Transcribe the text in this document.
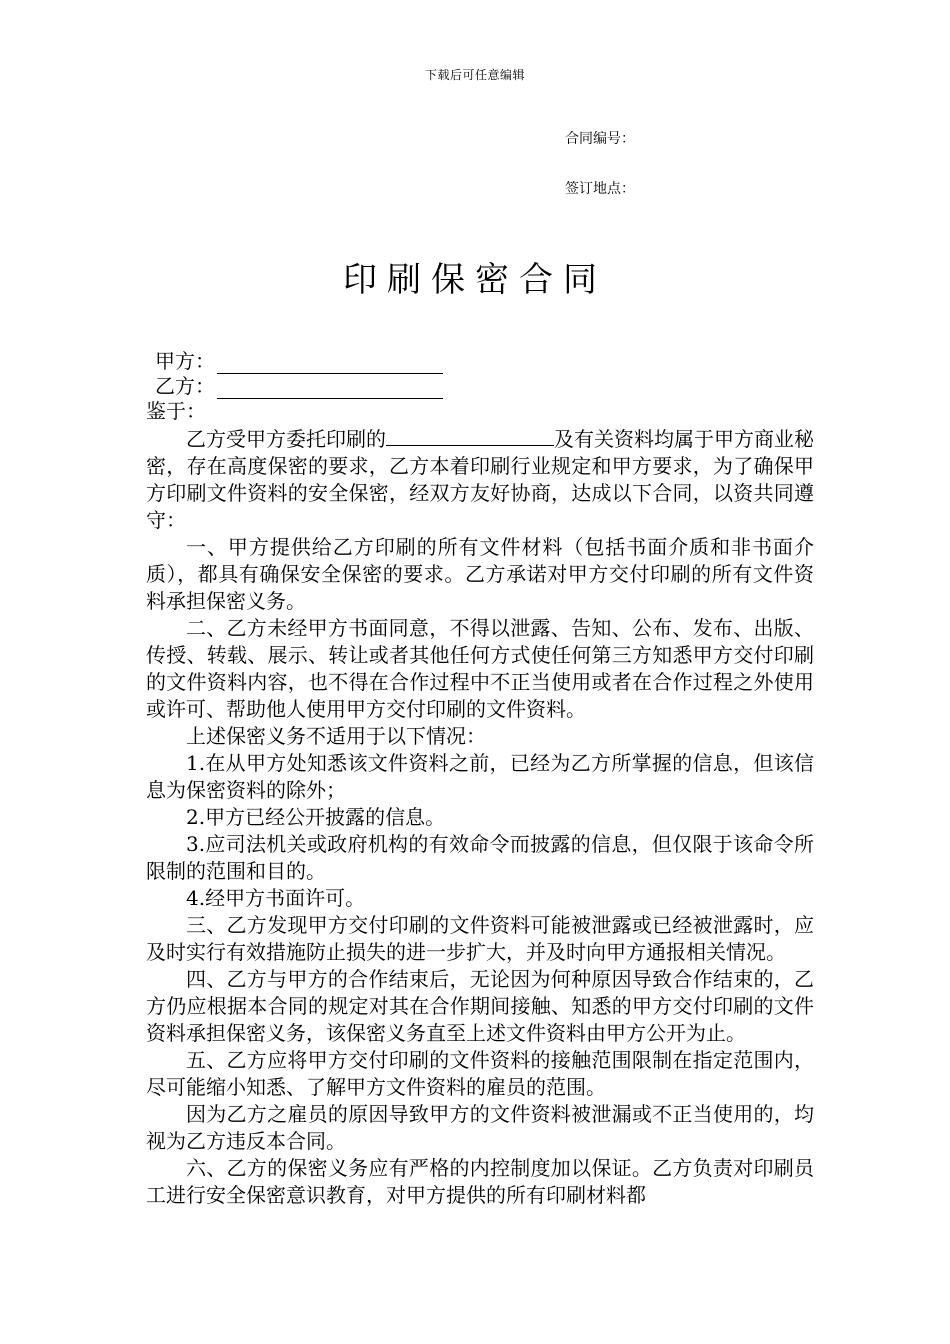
下载后可任意编辑
合同编号：
签订地点：
印刷保密合同
甲方：
乙方：

鉴于：

乙方受甲方委托印刷的	及有关资料均属于甲方商业秘密，存在高度保密的要求，乙方本着印刷行业规定和甲方要求，为了确保甲方印刷文件资料的安全保密，经双方友好协商，达成以下合同，以资共同遵守：

一、甲方提供给乙方印刷的所有文件材料（包括书面介质和非书面介质），都具有确保安全保密的要求。乙方承诺对甲方交付印刷的所有文件资料承担保密义务。

二、乙方未经甲方书面同意，不得以泄露、告知、公布、发布、出版、传授、转载、展示、转让或者其他任何方式使任何第三方知悉甲方交付印刷的文件资料内容，也不得在合作过程中不正当使用或者在合作过程之外使用或许可、帮助他人使用甲方交付印刷的文件资料。

上述保密义务不适用于以下情况：

1.在从甲方处知悉该文件资料之前，已经为乙方所掌握的信息，但该信息为保密资料的除外；

2.甲方已经公开披露的信息。

3.应司法机关或政府机构的有效命令而披露的信息，但仅限于该命令所限制的范围和目的。

4.经甲方书面许可。

三、乙方发现甲方交付印刷的文件资料可能被泄露或已经被泄露时，应及时实行有效措施防止损失的进一步扩大，并及时向甲方通报相关情况。

四、乙方与甲方的合作结束后，无论因为何种原因导致合作结束的，乙方仍应根据本合同的规定对其在合作期间接触、知悉的甲方交付印刷的文件资料承担保密义务，该保密义务直至上述文件资料由甲方公开为止。

五、乙方应将甲方交付印刷的文件资料的接触范围限制在指定范围内，尽可能缩小知悉、了解甲方文件资料的雇员的范围。

因为乙方之雇员的原因导致甲方的文件资料被泄漏或不正当使用的，均视为乙方违反本合同。

六、乙方的保密义务应有严格的内控制度加以保证。乙方负责对印刷员工进行安全保密意识教育，对甲方提供的所有印刷材料都
